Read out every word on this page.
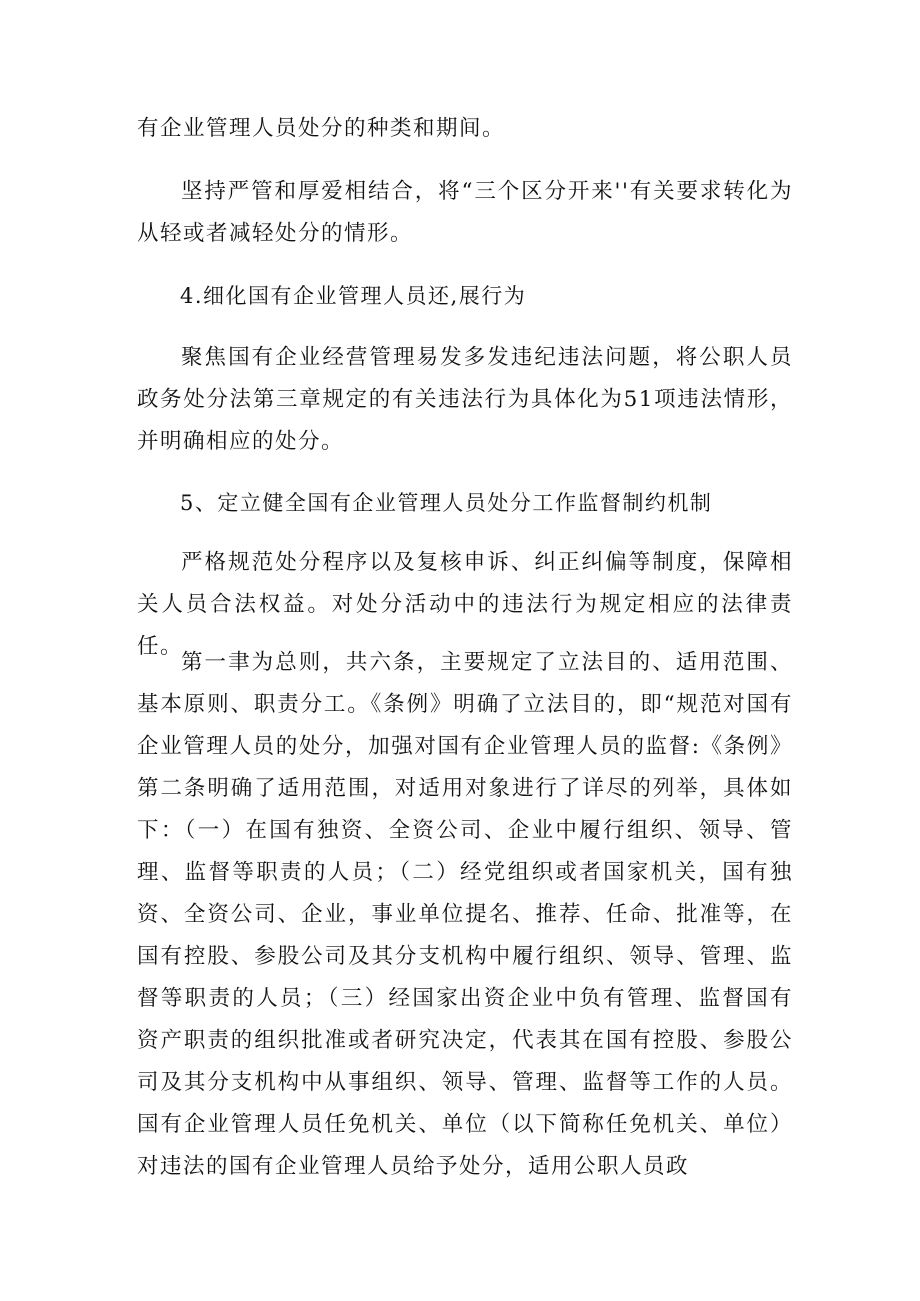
有企业管理人员处分的种类和期间。

坚持严管和厚爱相结合，将“三个区分开来''有关要求转化为从轻或者减轻处分的情形。

4.细化国有企业管理人员还,展行为

聚焦国有企业经营管理易发多发违纪违法问题，将公职人员政务处分法第三章规定的有关违法行为具体化为51项违法情形，并明确相应的处分。

5、定立健全国有企业管理人员处分工作监督制约机制

严格规范处分程序以及复核申诉、纠正纠偏等制度，保障相关人员合法权益。对处分活动中的违法行为规定相应的法律责任。

第一聿为总则，共六条，主要规定了立法目的、适用范围、基本原则、职责分工。《条例》明确了立法目的，即“规范对国有企业管理人员的处分，加强对国有企业管理人员的监督:《条例》第二条明确了适用范围，对适用对象进行了详尽的列举，具体如下：（一）在国有独资、全资公司、企业中履行组织、领导、管理、监督等职责的人员；（二）经党组织或者国家机关，国有独资、全资公司、企业，事业单位提名、推荐、任命、批准等，在国有控股、参股公司及其分支机构中履行组织、领导、管理、监督等职责的人员；（三）经国家出资企业中负有管理、监督国有资产职责的组织批准或者研究决定，代表其在国有控股、参股公司及其分支机构中从事组织、领导、管理、监督等工作的人员。国有企业管理人员任免机关、单位（以下简称任免机关、单位）对违法的国有企业管理人员给予处分，适用公职人员政
